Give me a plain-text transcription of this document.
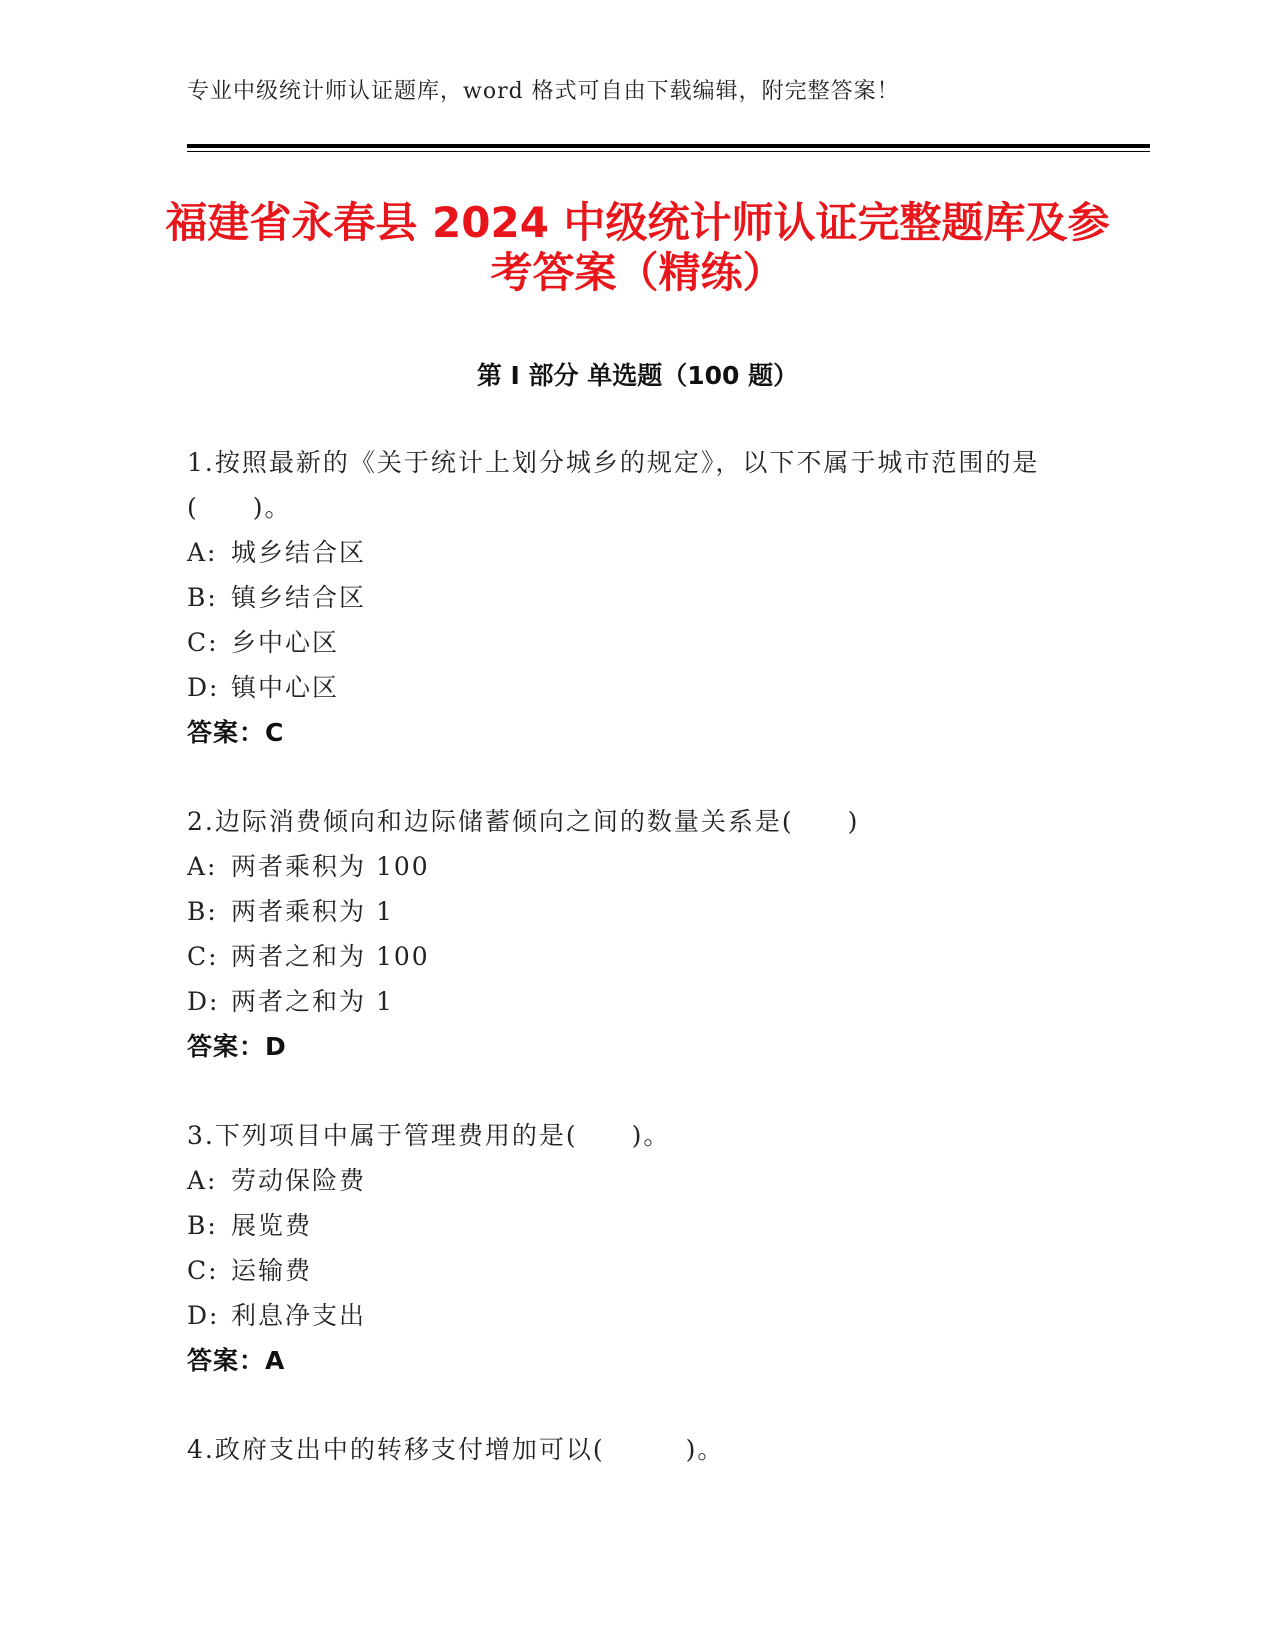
专业中级统计师认证题库，word 格式可自由下载编辑，附完整答案！
福建省永春县 2024 中级统计师认证完整题库及参考答案（精练）
第 I 部分 单选题（100 题）
1.按照最新的《关于统计上划分城乡的规定》，以下不属于城市范围的是(　　)。
A: 城乡结合区
B: 镇乡结合区
C: 乡中心区
D: 镇中心区
答案：C
2.边际消费倾向和边际储蓄倾向之间的数量关系是(　　)
A: 两者乘积为 100
B: 两者乘积为 1
C: 两者之和为 100
D: 两者之和为 1
答案：D
3.下列项目中属于管理费用的是(　　)。
A: 劳动保险费
B: 展览费
C: 运输费
D: 利息净支出
答案：A
4.政府支出中的转移支付增加可以(　　　)。
